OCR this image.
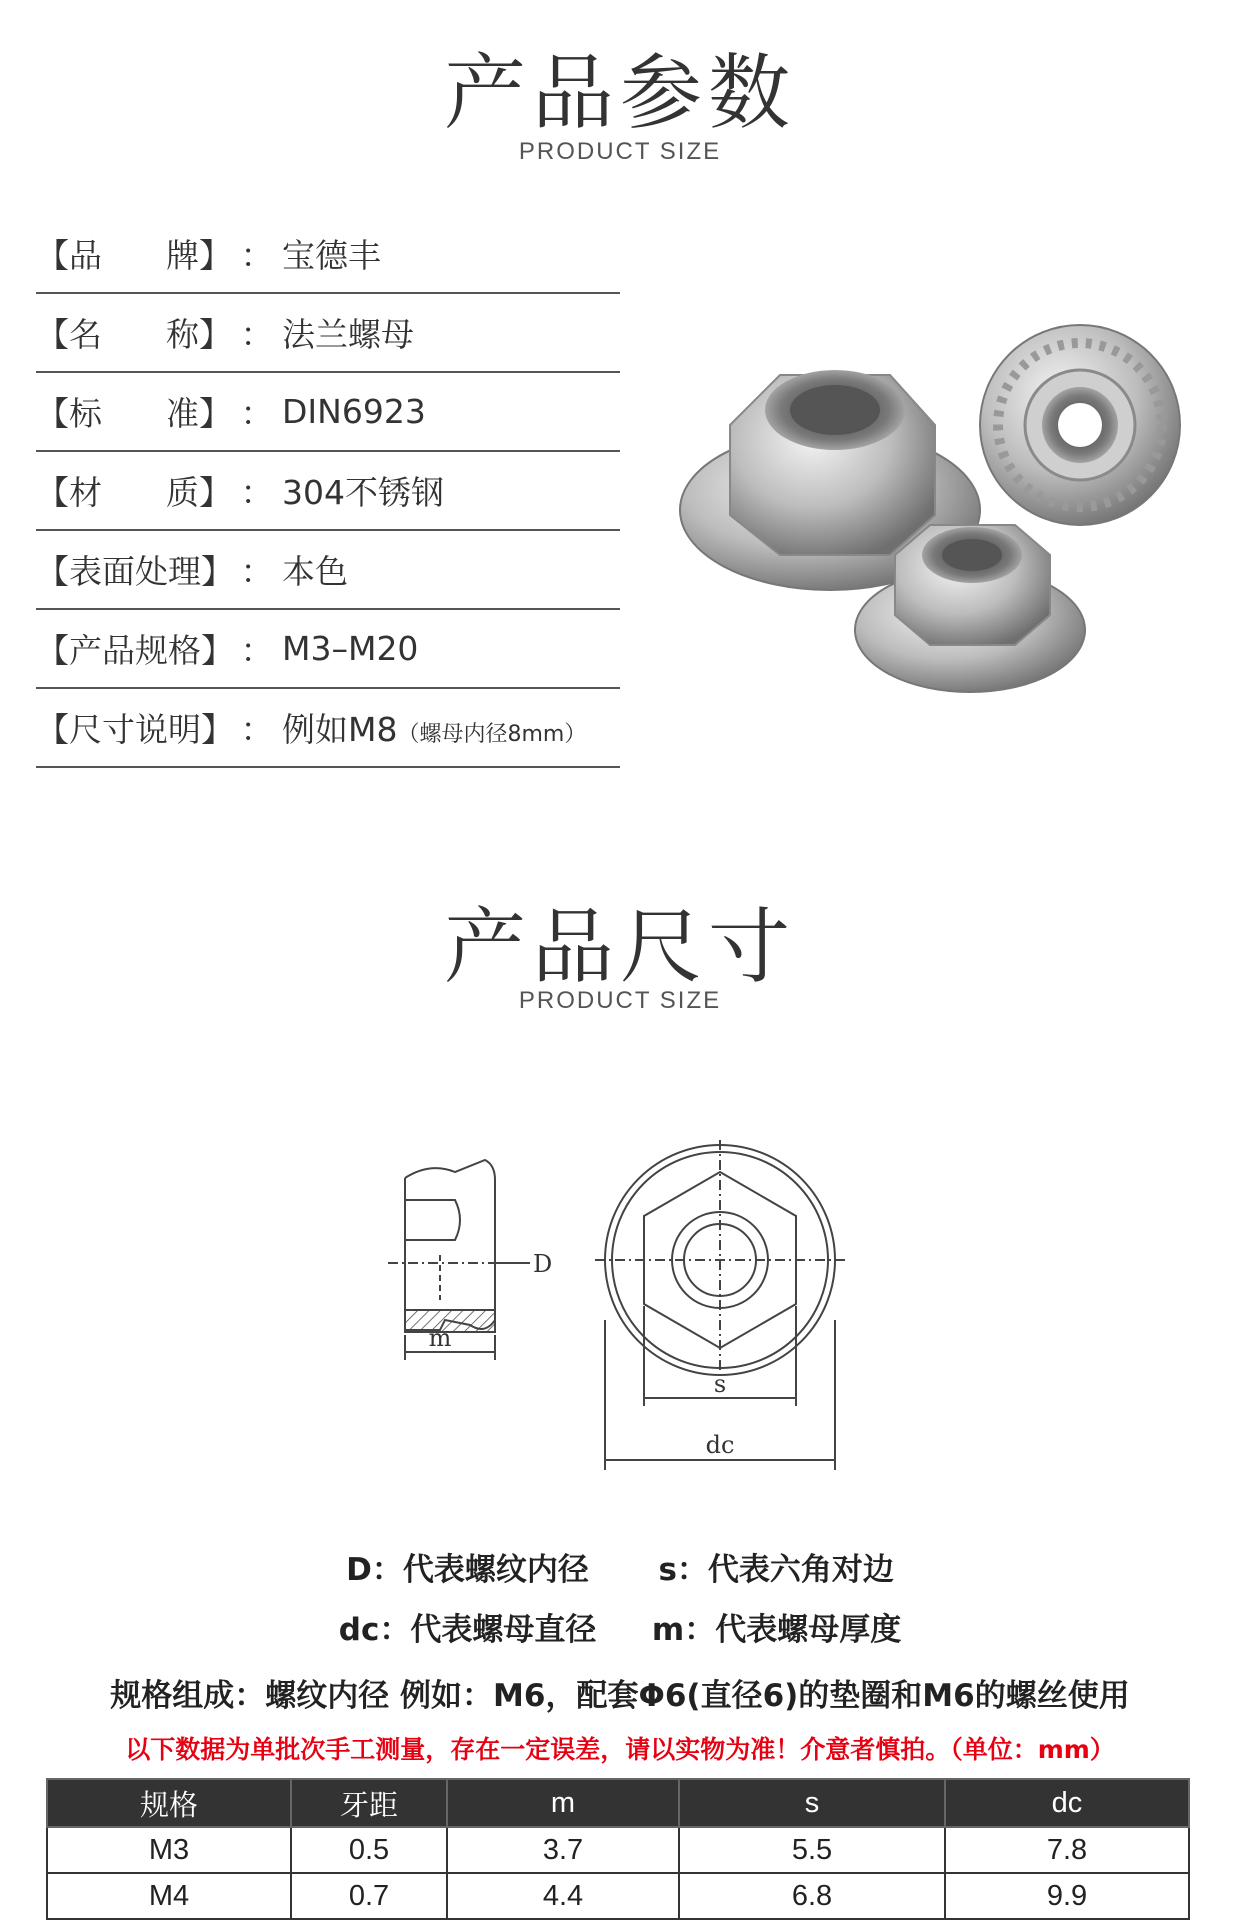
产品参数
PRODUCT SIZE
【品 牌】 ： 宝德丰
【名 称】 ： 法兰螺母
【标 准】 ： DIN6923
【材 质】 ： 304不锈钢
【表面处理】 ： 本色
【产品规格】 ： M3–M20
【尺寸说明】 ： 例如M8（螺母内径8mm）
产品尺寸
PRODUCT SIZE
D
m
s
dc
D：代表螺纹内径 s：代表六角对边
dc：代表螺母直径 m：代表螺母厚度
规格组成：螺纹内径 例如：M6，配套Φ6(直径6)的垫圈和M6的螺丝使用
以下数据为单批次手工测量，存在一定误差，请以实物为准！介意者慎拍。（单位：mm）
规格	牙距	m	s	dc
M3	0.5	3.7	5.5	7.8
M4	0.7	4.4	6.8	9.9
